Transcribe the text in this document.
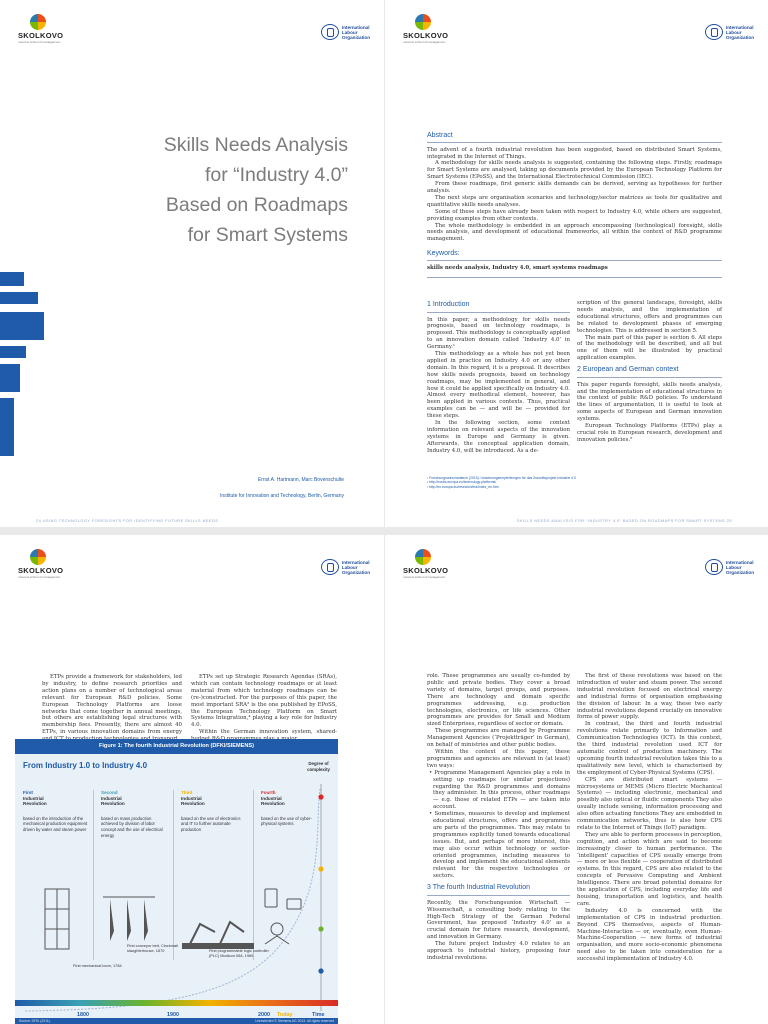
SKOLKOVO
moscow school of management
International
Labour
Organization
Skills Needs Analysis
for “Industry 4.0”
Based on Roadmaps
for Smart Systems
Ernst A. Hartmann, Marc Bovenschulte
Institute for Innovation and Technology, Berlin, Germany
24 USING TECHNOLOGY FORESIGHTS FOR IDENTIFYING FUTURE SKILLS NEEDS
SKOLKOVO
moscow school of management
International
Labour
Organization
Abstract

The advent of a fourth industrial revolution has been suggested, based on distributed Smart Systems, integrated in the Internet of Things.

A methodology for skills needs analysis is suggested, containing the following steps. Firstly, roadmaps for Smart Systems are analysed, taking up documents provided by the European Technology Platform for Smart Systems (EPoSS), and the International Electrotechnical Commission (IEC).

From these roadmaps, first generic skills demands can be derived, serving as hypotheses for further analysis.

The next steps are organisation scenarios and technology/sector matrices as tools for qualitative and quantitative skills needs analyses.

Some of these steps have already been taken with respect to Industry 4.0, while others are suggested, providing examples from other contexts.

The whole methodology is embedded in an approach encompassing (technological) foresight, skills needs analysis, and development of educational frameworks, all within the context of R&D programme management.

Keywords:
skills needs analysis, Industry 4.0, smart systems roadmaps
1 Introduction

In this paper, a methodology for skills needs prognosis, based on technology roadmaps, is proposed. This methodology is conceptually applied to an innovation domain called ‘Industry 4.0’ in Germany.¹

This methodology as a whole has not yet been applied in practice on Industry 4.0 or any other domain. In this regard, it is a proposal. It describes how skills needs prognosis, based on technology roadmaps, may be implemented in general, and how it could be applied specifically on Industry 4.0. Almost every methodical element, however, has been applied in various contexts. Thus, practical examples can be — and will be — provided for these steps.

In the following section, some context information on relevant aspects of the innovation systems in Europe and Germany is given. Afterwards, the conceptual application domain, Industry 4.0, will be introduced. As a de-

scription of the general landscape, foresight, skills needs analysis, and the implementation of educational structures, offers and programmes can be related to development phases of emerging technologies. This is addressed in section 5.

The main part of this paper is section 6. All steps of the methodology will be described, and all but one of them will be illustrated by practical application examples.

2 European and German context

This paper regards foresight, skills needs analysis, and the implementation of educational structures in the context of public R&D policies. To understand the lines of argumentation, it is useful to look at some aspects of European and German innovation systems.

European Technology Platforms (ETPs) play a crucial role in European research, development and innovation policies.²

¹ Forschungsunion/acatech (2013): Umsetzungsempfehlungen für das Zukunftsprojekt Industrie 4.0
² http://cordis.europa.eu/technology-platforms/
³ http://ec.europa.eu/research/era/index_en.htm
SKILLS NEEDS ANALYSIS FOR “INDUSTRY 4.0” BASED ON ROADMAPS FOR SMART SYSTEMS 25
SKOLKOVO
moscow school of management
International
Labour
Organization

ETPs provide a framework for stakeholders, led by industry, to define research priorities and action plans on a number of technological areas relevant for European R&D policies. Some European Technology Platforms are loose networks that come together in annual meetings, but others are establishing legal structures with membership fees. Presently, there are almost 40 ETPs, in various innovation domains from energy

ETPs set up Strategic Research Agendas (SRAs), which can contain technology roadmaps or at least material from which technology roadmaps can be (re-)constructed. For the purposes of this paper, the most important SRA³ is the one published by EPoSS, the European Technology Platform on Smart Systems Integration,⁴ playing a key role for Industry 4.0.

Within the German innovation system, shared-

Figure 1: The fourth Industrial Revolution (DFKI/SIEMENS)
From Industry 1.0 to Industry 4.0	Degree of
complexity
First
Industrial
Revolution
based on the introduction of the mechanical production equipment driven by water and steam power
Second
Industrial
Revolution
based on mass production achieved by division of labor concept and the use of electrical energy
Third
Industrial
Revolution
based on the use of electronics and IT to further automate production
Fourth
Industrial
Revolution
based on the use of cyber-physical systems
First mechanical loom, 1784
First conveyor belt, Cincinnati slaughterhouse, 1870	First programmable logic controller (PLC) Modicon 084, 1969
1800	1900	2000 Today	Time
Source: DFKI (2011)	Unrestricted © Siemens AG 2013. All rights reserved
SKOLKOVO
moscow school of management
International
Labour
Organization

role. These programmes are usually co-funded by public and private bodies. They cover a broad variety of domains, target groups, and purposes. There are technology and domain specific programmes addressing, e.g. production technologies, electronics, or life sciences. Other programmes are provides for Small and Medium sized Enterprises, regardless of sector or domain.

These programmes are managed by Programme Management Agencies (‘Projektträger’ in German), on behalf of ministries and other public bodies.

Within the context of this paper, these programmes and agencies are relevant in (at least) two ways:

• Programme Management Agencies play a role in setting up roadmaps (or similar projections) regarding the R&D programmes and domains they administer. In this process, other roadmaps — e.g. those of related ETPs — are taken into account.
• Sometimes, measures to develop and implement educational structures, offers and programmes are parts of the programmes. This may relate to programmes explicitly tuned towards educational issues. But, and perhaps of more interest, this may also occur within technology or sector-oriented programmes, including measures to develop and implement the educational elements relevant for the respective technologies or sectors.
3 The fourth Industrial Revolution

Recently, the Forschungsunion Wirtschaft — Wissenschaft, a consulting body relating to the High-Tech Strategy of the German Federal Government, has proposed ‘Industry 4.0’ as a crucial domain for future research, development, and innovation in Germany.

The future project Industry 4.0 relates to an approach to industrial history, proposing four industrial revolutions.

The first of these revolutions was based on the introduction of water and steam power. The second industrial revolution focused on electrical energy and industrial forms of organisation emphasising the division of labour. In a way, these two early industrial revolutions depend crucially on innovative forms of power supply.

In contrast, the third and fourth industrial revolutions relate primarily to Information and Communication Technologies (ICT). In this context, the third industrial revolution used ICT for automatic control of production machinery. The upcoming fourth industrial revolution takes this to a qualitatively new level, which is characterised by the employment of Cyber-Physical Systems (CPS).

CPS are distributed smart systems — microsystems or MEMS (Micro Electric Mechanical Systems) — including electronic, mechanical and possibly also optical or fluidic components They also usually include sensing, information processing and also often actuating functions They are embedded in communication networks, thus is also how CPS relate to the Internet of Things (IoT) paradigm.

They are able to perform processes in perception, cognition, and action which are said to become increasingly closer to human performance. The ‘intelligent’ capacities of CPS usually emerge from — more or less flexible — cooperation of distributed systems. In this regard, CPS are also related to the concepts of Pervasive Computing and Ambient Intelligence. There are broad potential domains for the application of CPS, including everyday life and housing, transportation and logistics, and health care.

Industry 4.0 is concerned with the implementation of CPS in industrial production. Beyond CPS themselves, aspects of Human-Machine-Interaction — or, eventually, even Human-Machine-Cooperation — new forms of industrial organisation, and more socio-economic phenomena need also to be taken into consideration for a successful implementation of Industry 4.0.
